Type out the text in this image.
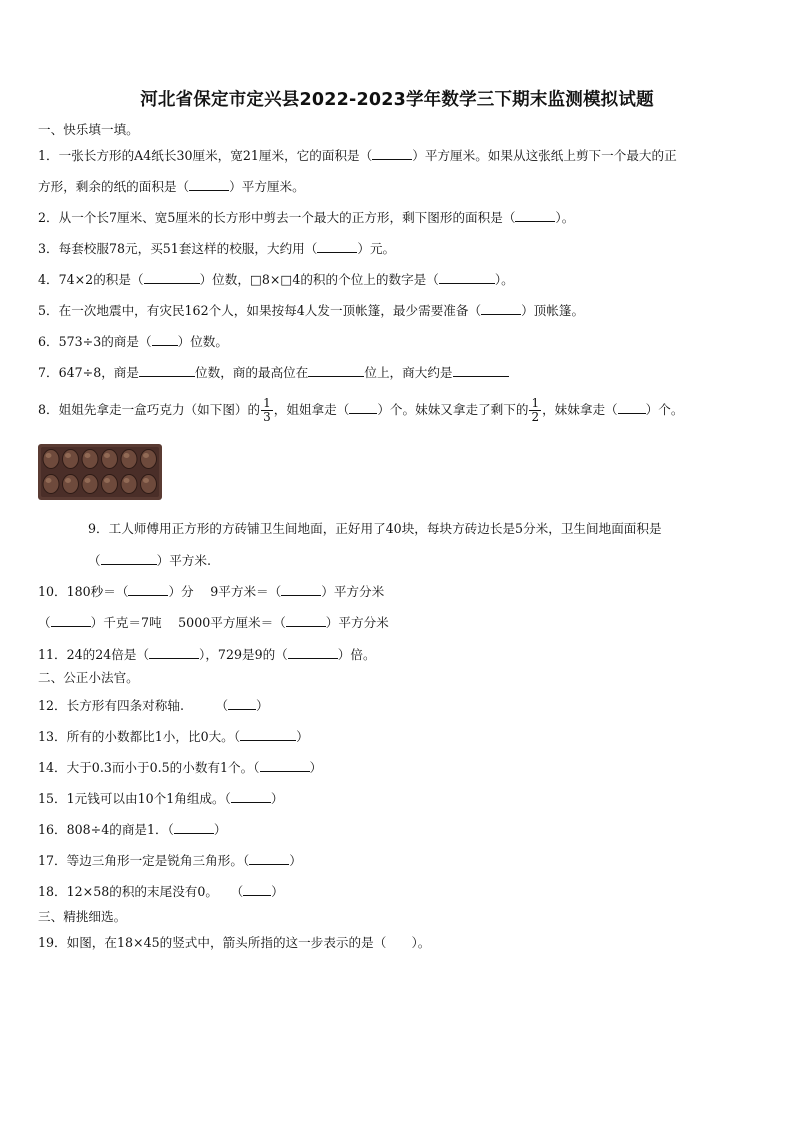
河北省保定市定兴县2022-2023学年数学三下期末监测模拟试题
一、快乐填一填。
1．一张长方形的A4纸长30厘米，宽21厘米，它的面积是（	）平方厘米。如果从这张纸上剪下一个最大的正
方形，剩余的纸的面积是（	）平方厘米。
2．从一个长7厘米、宽5厘米的长方形中剪去一个最大的正方形，剩下图形的面积是（	）。
3．每套校服78元，买51套这样的校服，大约用（	）元。
4．74×2的积是（	）位数，□8×□4的积的个位上的数字是（	）。
5．在一次地震中，有灾民162个人，如果按每4人发一顶帐篷，最少需要准备（	）顶帐篷。
6．573÷3的商是（ ）位数。
7．647÷8，商是	位数，商的最高位在	位上，商大约是
8．姐姐先拿走一盒巧克力（如下图）的 $\frac{1}{3}$ ，姐姐拿走（ ）个。妹妹又拿走了剩下的 $\frac{1}{2}$ ，妹妹拿走（ ）个。
9．工人师傅用正方形的方砖铺卫生间地面，正好用了40块，每块方砖边长是5分米，卫生间地面面积是
（	）平方米.
10．180秒＝（	）分　 9平方米＝（	）平方分米
（	）千克＝7吨　 5000平方厘米＝（	）平方分米
11．24的24倍是（	），729是9的（	）倍。
二、公正小法官。
12．长方形有四条对称轴.　　　（ ）
13．所有的小数都比1小，比0大。（	）
14．大于0.3而小于0.5的小数有1个。（	）
15．1元钱可以由10个1角组成。（	）
16．808÷4的商是1．（	）
17．等边三角形一定是锐角三角形。（	）
18．12×58的积的末尾没有0。　　（ ）
三、精挑细选。
19．如图，在18×45的竖式中，箭头所指的这一步表示的是（　　）。
